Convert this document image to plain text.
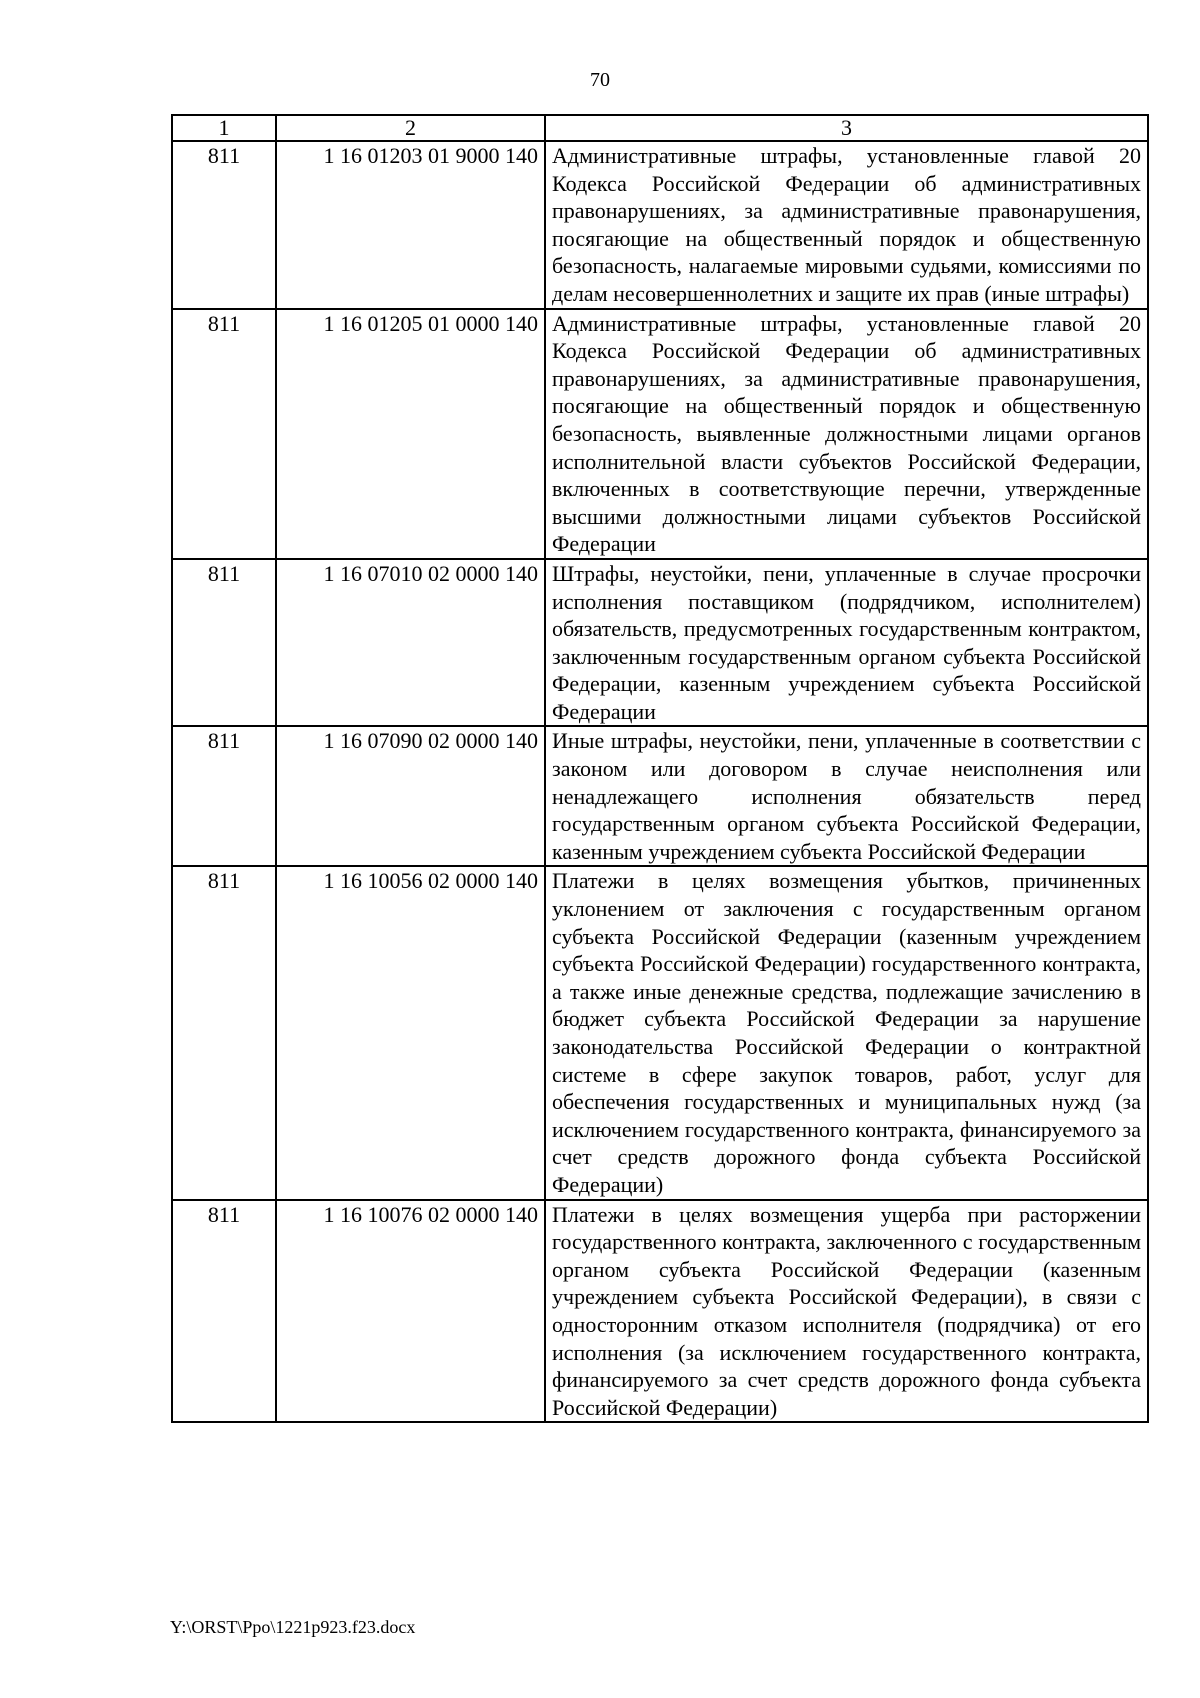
70
1	2	3
811	1 16 01203 01 9000 140	Административные штрафы, установленные главой 20 Кодекса Российской Федерации об административных правонарушениях, за административные правонарушения, посягающие на общественный порядок и общественную безопасность, налагаемые мировыми судьями, комиссиями по делам несовершеннолетних и защите их прав (иные штрафы)
811	1 16 01205 01 0000 140	Административные штрафы, установленные главой 20 Кодекса Российской Федерации об административных правонарушениях, за административные правонарушения, посягающие на общественный порядок и общественную безопасность, выявленные должностными лицами органов исполнительной власти субъектов Российской Федерации, включенных в соответствующие перечни, утвержденные высшими должностными лицами субъектов Российской Федерации
811	1 16 07010 02 0000 140	Штрафы, неустойки, пени, уплаченные в случае просрочки исполнения поставщиком (подрядчиком, исполнителем) обязательств, предусмотренных государственным контрактом, заключенным государственным органом субъекта Российской Федерации, казенным учреждением субъекта Российской Федерации
811	1 16 07090 02 0000 140	Иные штрафы, неустойки, пени, уплаченные в соответствии с законом или договором в случае неисполнения или ненадлежащего исполнения обязательств перед государственным органом субъекта Российской Федерации, казенным учреждением субъекта Российской Федерации
811	1 16 10056 02 0000 140	Платежи в целях возмещения убытков, причиненных уклонением от заключения с государственным органом субъекта Российской Федерации (казенным учреждением субъекта Российской Федерации) государственного контракта, а также иные денежные средства, подлежащие зачислению в бюджет субъекта Российской Федерации за нарушение законодательства Российской Федерации о контрактной системе в сфере закупок товаров, работ, услуг для обеспечения государственных и муниципальных нужд (за исключением государственного контракта, финансируемого за счет средств дорожного фонда субъекта Российской Федерации)
811	1 16 10076 02 0000 140	Платежи в целях возмещения ущерба при расторжении государственного контракта, заключенного с государственным органом субъекта Российской Федерации (казенным учреждением субъекта Российской Федерации), в связи с односторонним отказом исполнителя (подрядчика) от его исполнения (за исключением государственного контракта, финансируемого за счет средств дорожного фонда субъекта Российской Федерации)
Y:\ORST\Ppo\1221p923.f23.docx
